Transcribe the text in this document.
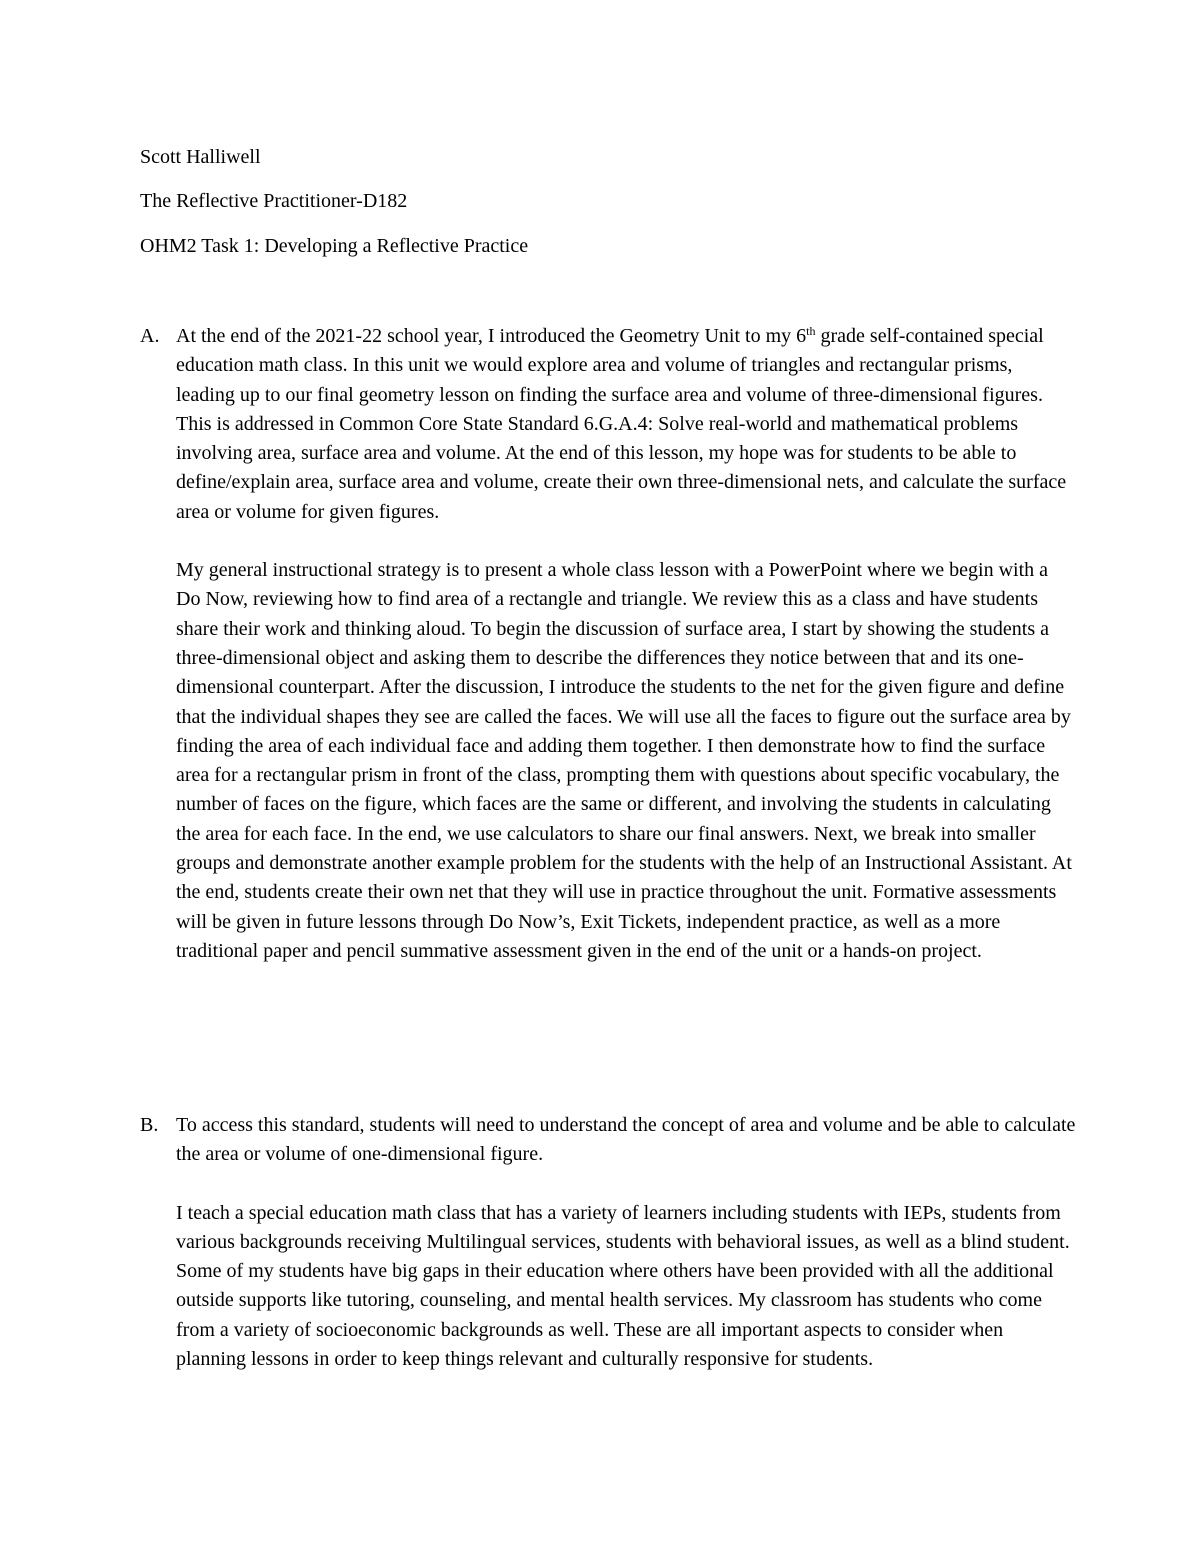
Scott Halliwell
The Reflective Practitioner-D182
OHM2 Task 1: Developing a Reflective Practice
A. At the end of the 2021-22 school year, I introduced the Geometry Unit to my 6th grade self-contained special education math class. In this unit we would explore area and volume of triangles and rectangular prisms, leading up to our final geometry lesson on finding the surface area and volume of three-dimensional figures. This is addressed in Common Core State Standard 6.G.A.4: Solve real-world and mathematical problems involving area, surface area and volume. At the end of this lesson, my hope was for students to be able to define/explain area, surface area and volume, create their own three-dimensional nets, and calculate the surface area or volume for given figures.

My general instructional strategy is to present a whole class lesson with a PowerPoint where we begin with a Do Now, reviewing how to find area of a rectangle and triangle. We review this as a class and have students share their work and thinking aloud. To begin the discussion of surface area, I start by showing the students a three-dimensional object and asking them to describe the differences they notice between that and its one-dimensional counterpart. After the discussion, I introduce the students to the net for the given figure and define that the individual shapes they see are called the faces. We will use all the faces to figure out the surface area by finding the area of each individual face and adding them together. I then demonstrate how to find the surface area for a rectangular prism in front of the class, prompting them with questions about specific vocabulary, the number of faces on the figure, which faces are the same or different, and involving the students in calculating the area for each face. In the end, we use calculators to share our final answers. Next, we break into smaller groups and demonstrate another example problem for the students with the help of an Instructional Assistant. At the end, students create their own net that they will use in practice throughout the unit. Formative assessments will be given in future lessons through Do Now’s, Exit Tickets, independent practice, as well as a more traditional paper and pencil summative assessment given in the end of the unit or a hands-on project.

B. To access this standard, students will need to understand the concept of area and volume and be able to calculate the area or volume of one-dimensional figure.

I teach a special education math class that has a variety of learners including students with IEPs, students from various backgrounds receiving Multilingual services, students with behavioral issues, as well as a blind student. Some of my students have big gaps in their education where others have been provided with all the additional outside supports like tutoring, counseling, and mental health services. My classroom has students who come from a variety of socioeconomic backgrounds as well. These are all important aspects to consider when planning lessons in order to keep things relevant and culturally responsive for students.
